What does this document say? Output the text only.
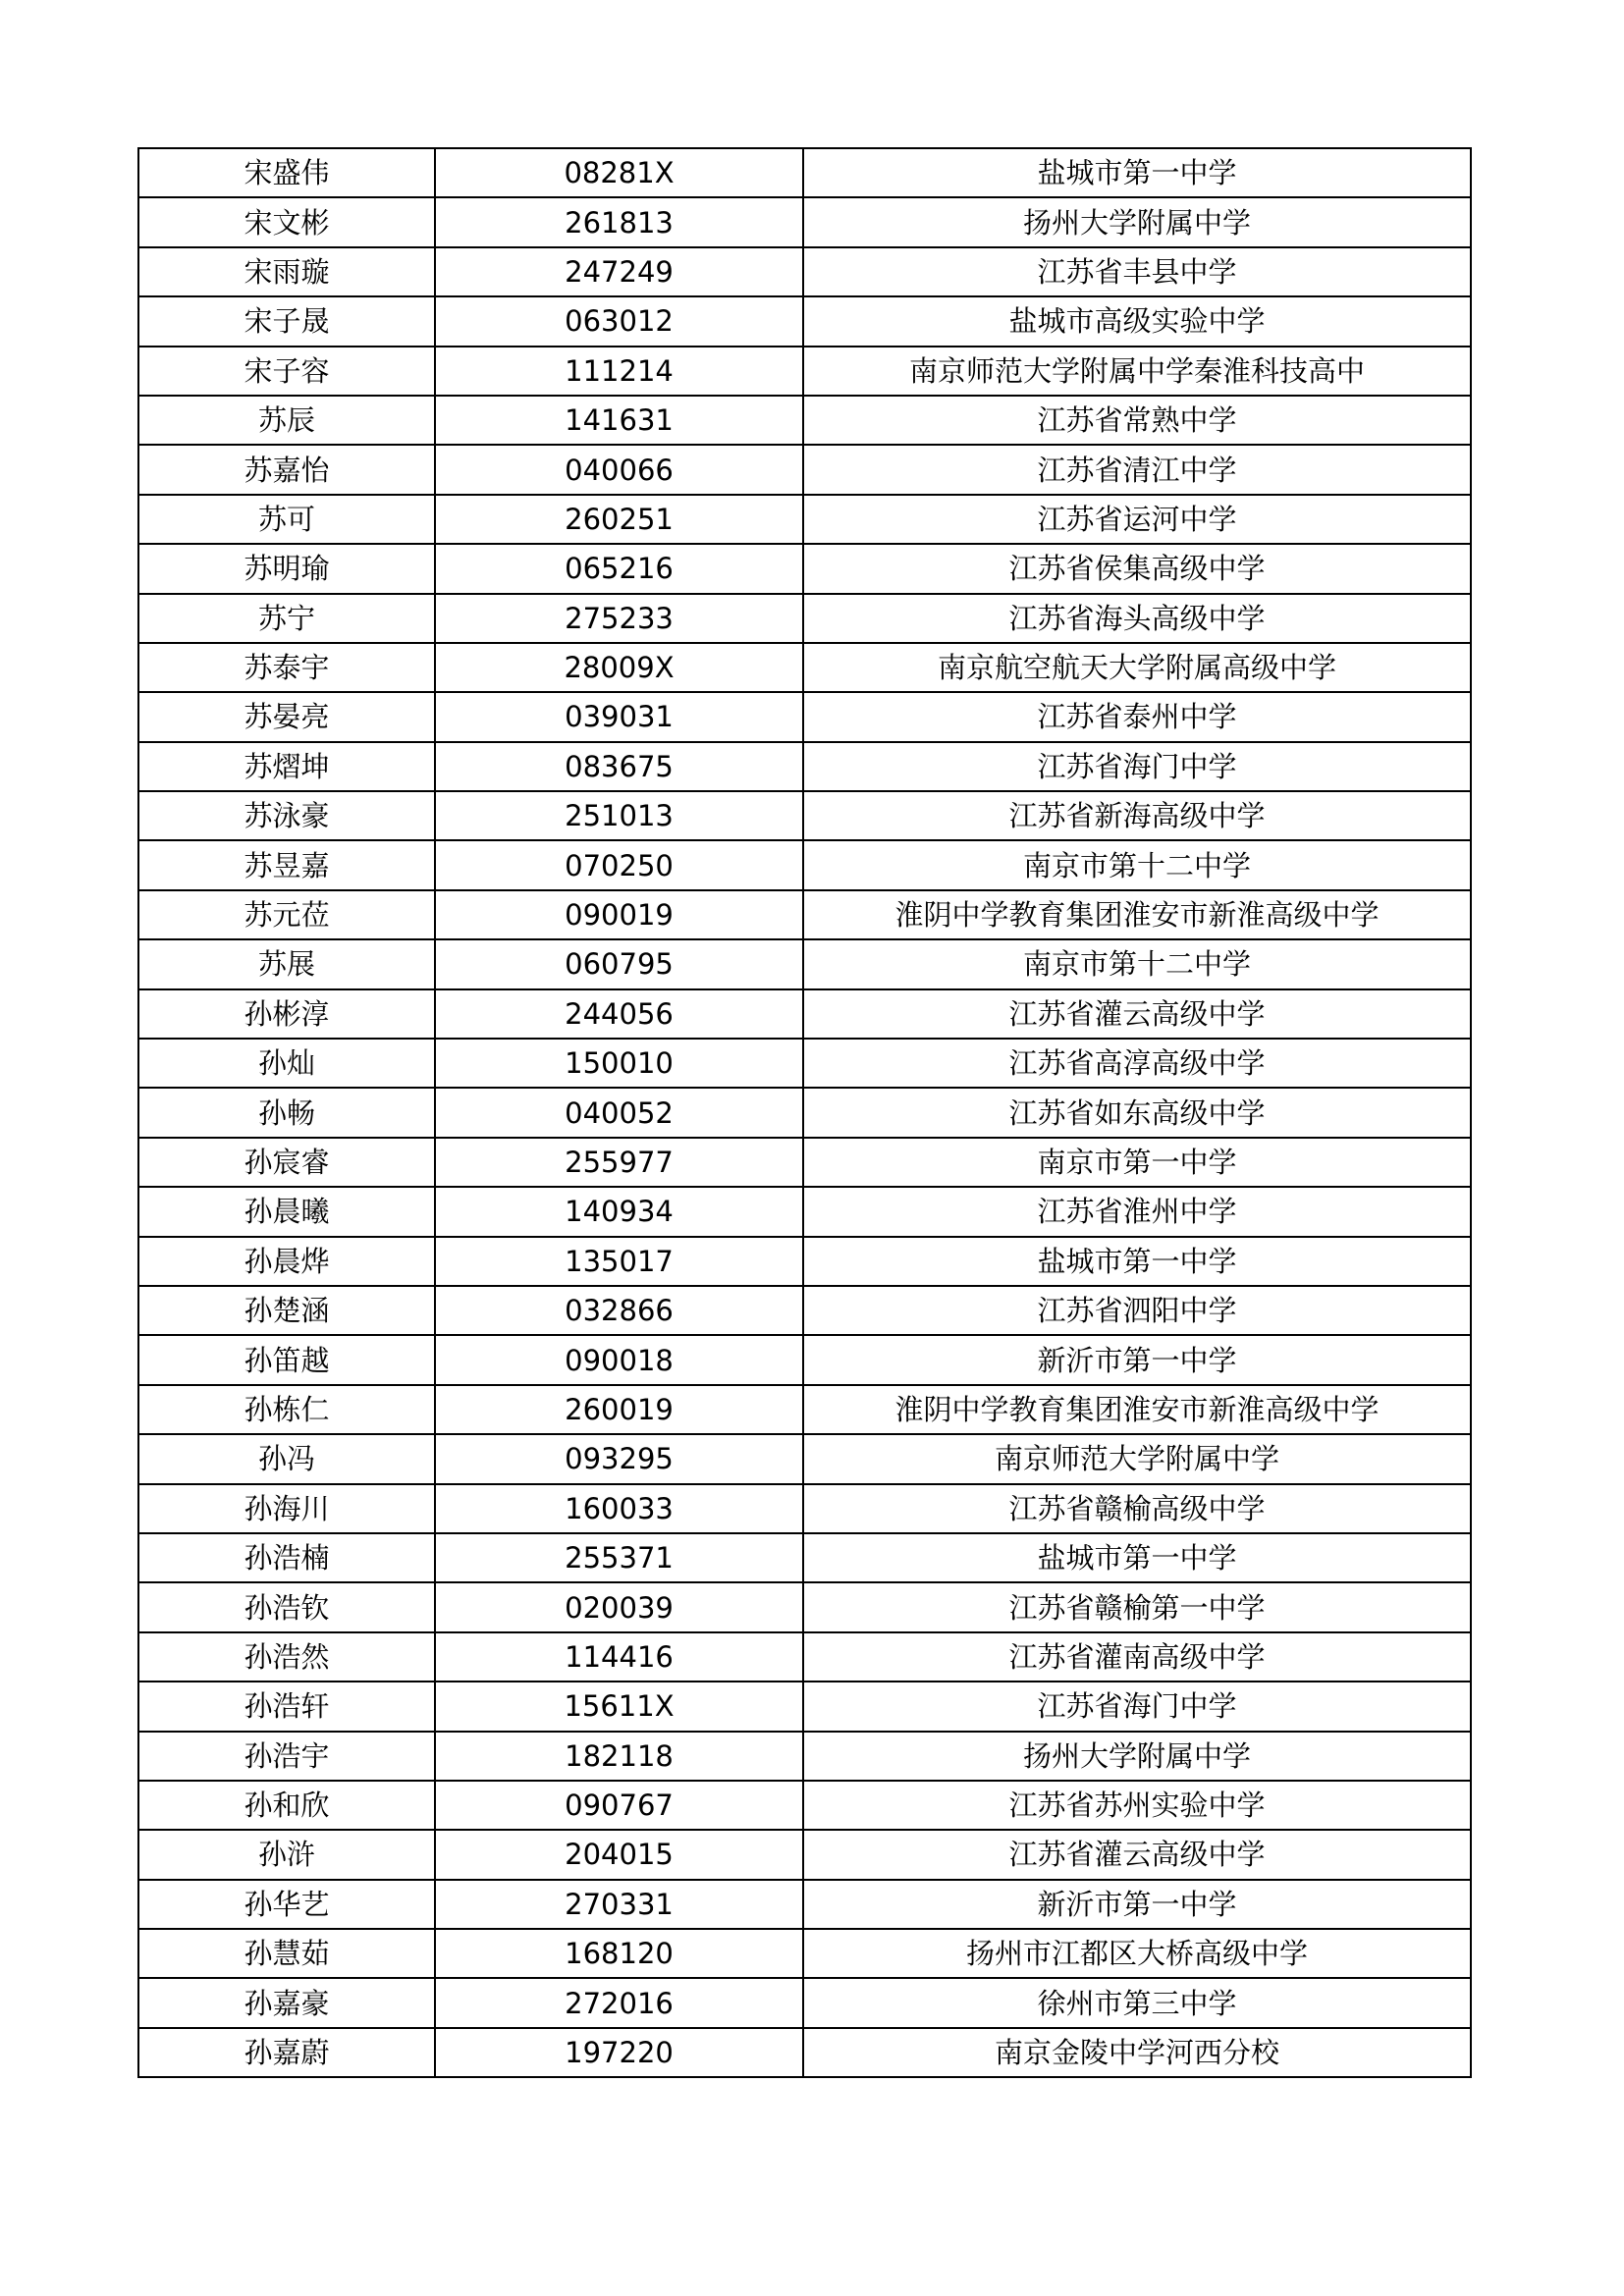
宋盛伟	08281X	盐城市第一中学
宋文彬	261813	扬州大学附属中学
宋雨璇	247249	江苏省丰县中学
宋子晟	063012	盐城市高级实验中学
宋子容	111214	南京师范大学附属中学秦淮科技高中
苏辰	141631	江苏省常熟中学
苏嘉怡	040066	江苏省清江中学
苏可	260251	江苏省运河中学
苏明瑜	065216	江苏省侯集高级中学
苏宁	275233	江苏省海头高级中学
苏泰宇	28009X	南京航空航天大学附属高级中学
苏晏亮	039031	江苏省泰州中学
苏熠坤	083675	江苏省海门中学
苏泳豪	251013	江苏省新海高级中学
苏昱嘉	070250	南京市第十二中学
苏元莅	090019	淮阴中学教育集团淮安市新淮高级中学
苏展	060795	南京市第十二中学
孙彬淳	244056	江苏省灌云高级中学
孙灿	150010	江苏省高淳高级中学
孙畅	040052	江苏省如东高级中学
孙宸睿	255977	南京市第一中学
孙晨曦	140934	江苏省淮州中学
孙晨烨	135017	盐城市第一中学
孙楚涵	032866	江苏省泗阳中学
孙笛越	090018	新沂市第一中学
孙栋仁	260019	淮阴中学教育集团淮安市新淮高级中学
孙冯	093295	南京师范大学附属中学
孙海川	160033	江苏省赣榆高级中学
孙浩楠	255371	盐城市第一中学
孙浩钦	020039	江苏省赣榆第一中学
孙浩然	114416	江苏省灌南高级中学
孙浩轩	15611X	江苏省海门中学
孙浩宇	182118	扬州大学附属中学
孙和欣	090767	江苏省苏州实验中学
孙浒	204015	江苏省灌云高级中学
孙华艺	270331	新沂市第一中学
孙慧茹	168120	扬州市江都区大桥高级中学
孙嘉豪	272016	徐州市第三中学
孙嘉蔚	197220	南京金陵中学河西分校
